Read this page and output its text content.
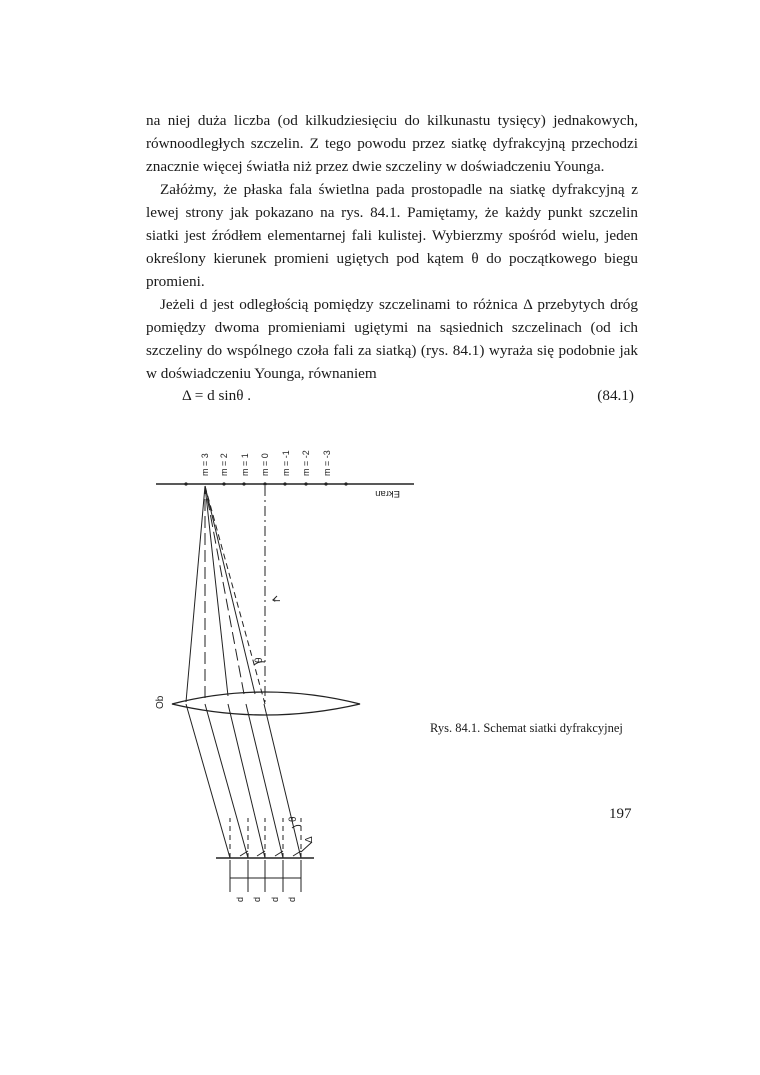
na niej duża liczba (od kilkudziesięciu do kilkunastu tysięcy) jednakowych, równoodległych szczelin. Z tego powodu przez siatkę dyfrakcyjną przechodzi znacznie więcej światła niż przez dwie szczeliny w doświadczeniu Younga.

Załóżmy, że płaska fala świetlna pada prostopadle na siatkę dyfrakcyjną z lewej strony jak pokazano na rys. 84.1. Pamiętamy, że każdy punkt szczelin siatki jest źródłem elementarnej fali kulistej. Wybierzmy spośród wielu, jeden określony kierunek promieni ugiętych pod kątem θ do początkowego biegu promieni.

Jeżeli d jest odległością pomiędzy szczelinami to różnica Δ przebytych dróg pomiędzy dwoma promieniami ugiętymi na sąsiednich szczelinach (od ich szczeliny do wspólnego czoła fali za siatką) (rys. 84.1) wyraża się podobnie jak w doświadczeniu Younga, równaniem

Δ = d sinθ .	(84.1)
m = 3 m = 2 m = 1 m = 0 m = -1 m = -2 m = -3
Ekran
Ob
f
θ
θ
Δ
d d d d
Rys. 84.1. Schemat siatki dyfrakcyjnej
197
